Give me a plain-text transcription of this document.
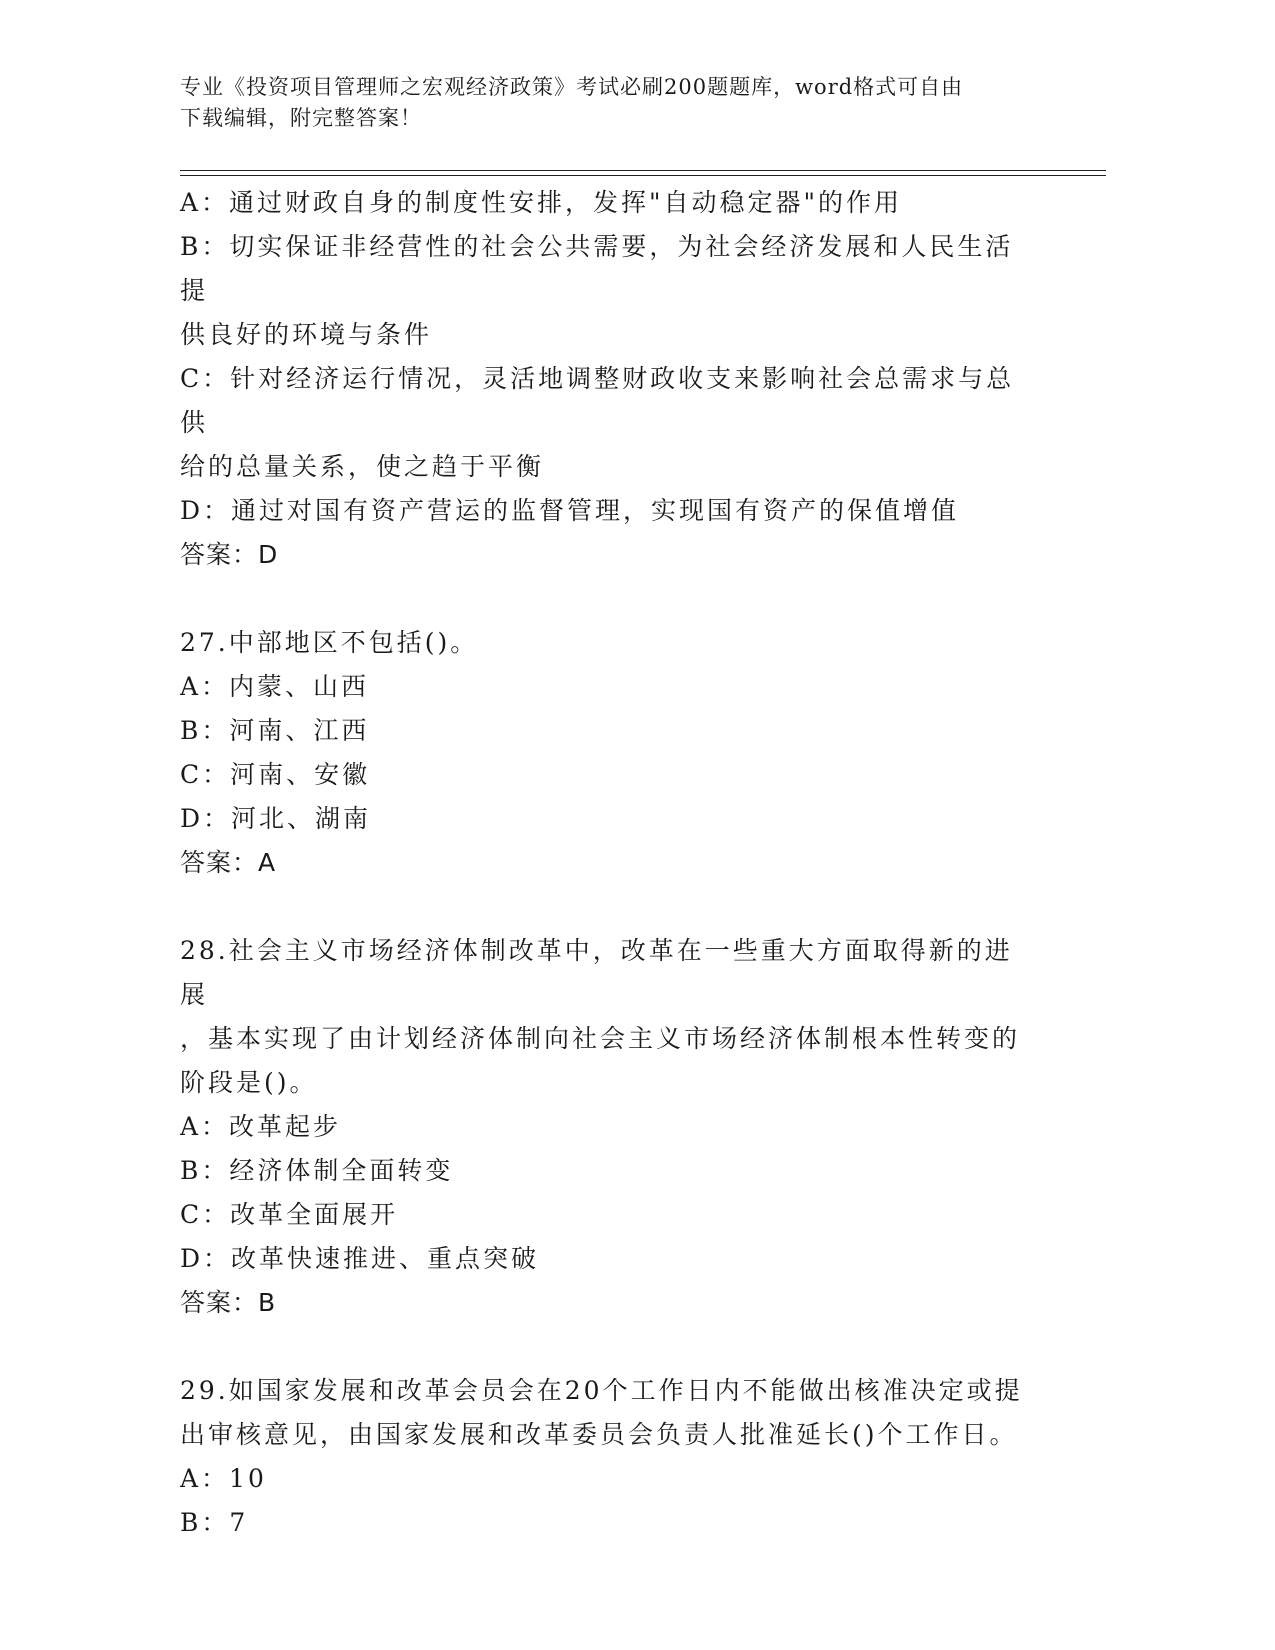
专业《投资项目管理师之宏观经济政策》考试必刷200题题库，word格式可自由
下载编辑，附完整答案！

A：通过财政自身的制度性安排，发挥"自动稳定器"的作用

B：切实保证非经营性的社会公共需要，为社会经济发展和人民生活提

供良好的环境与条件

C：针对经济运行情况，灵活地调整财政收支来影响社会总需求与总供

给的总量关系，使之趋于平衡

D：通过对国有资产营运的监督管理，实现国有资产的保值增值

答案：D

27.中部地区不包括()。

A：内蒙、山西

B：河南、江西

C：河南、安徽

D：河北、湖南

答案：A

28.社会主义市场经济体制改革中，改革在一些重大方面取得新的进展

，基本实现了由计划经济体制向社会主义市场经济体制根本性转变的

阶段是()。

A：改革起步

B：经济体制全面转变

C：改革全面展开

D：改革快速推进、重点突破

答案：B

29.如国家发展和改革会员会在20个工作日内不能做出核准决定或提

出审核意见，由国家发展和改革委员会负责人批准延长()个工作日。

A：10

B：7
